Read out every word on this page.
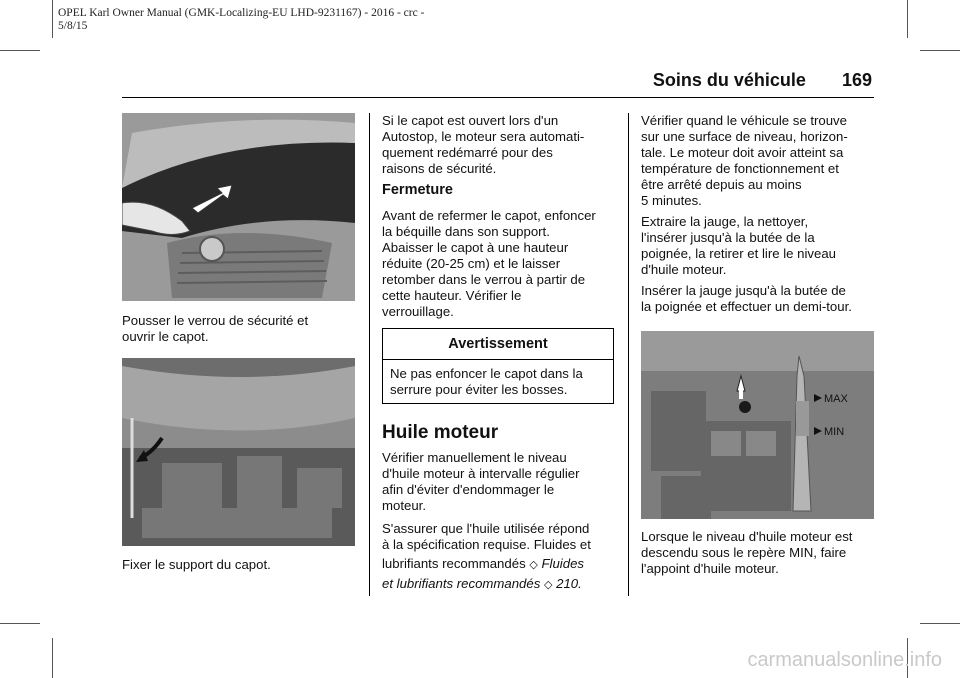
OPEL Karl Owner Manual (GMK-Localizing-EU LHD-9231167) - 2016 - crc -
5/8/15
Soins du véhicule 169
Pousser le verrou de sécurité et
ouvrir le capot.
Fixer le support du capot.
Si le capot est ouvert lors d'un
Autostop, le moteur sera automati-
quement redémarré pour des
raisons de sécurité.
Fermeture
Avant de refermer le capot, enfoncer
la béquille dans son support.
Abaisser le capot à une hauteur
réduite (20-25 cm) et le laisser
retomber dans le verrou à partir de
cette hauteur. Vérifier le
verrouillage.
Avertissement
Ne pas enfoncer le capot dans la
serrure pour éviter les bosses.
Huile moteur
Vérifier manuellement le niveau
d'huile moteur à intervalle régulier
afin d'éviter d'endommager le
moteur.
S'assurer que l'huile utilisée répond
à la spécification requise. Fluides et
lubrifiants recommandés ◇ Fluides
et lubrifiants recommandés ◇ 210.
Vérifier quand le véhicule se trouve
sur une surface de niveau, horizon-
tale. Le moteur doit avoir atteint sa
température de fonctionnement et
être arrêté depuis au moins
5 minutes.
Extraire la jauge, la nettoyer,
l'insérer jusqu'à la butée de la
poignée, la retirer et lire le niveau
d'huile moteur.
Insérer la jauge jusqu'à la butée de
la poignée et effectuer un demi-tour.
MAX
MIN
Lorsque le niveau d'huile moteur est
descendu sous le repère MIN, faire
l'appoint d'huile moteur.
carmanualsonline.info
